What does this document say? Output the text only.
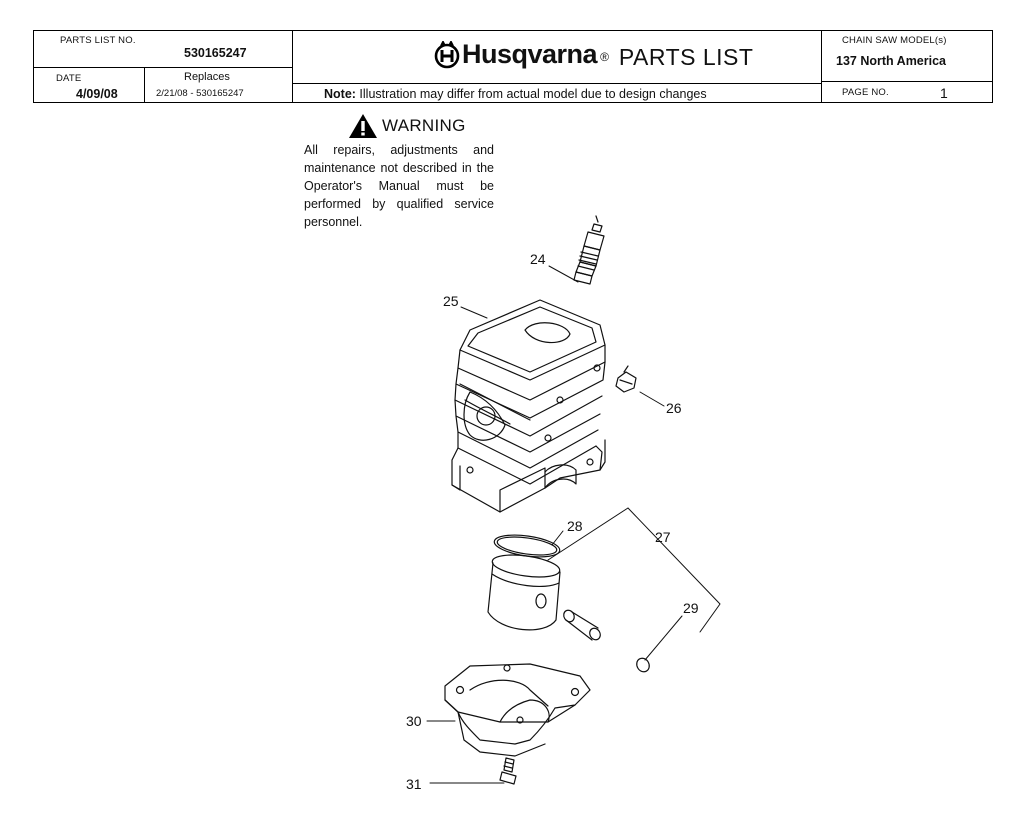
PARTS LIST NO.
530165247
DATE
4/09/08
Replaces
2/21/08 - 530165247
Husqvarna ® PARTS LIST
Note: Illustration may differ from actual model due to design changes
CHAIN SAW MODEL(s)
137 North America
PAGE NO.	1
WARNING
All repairs, adjustments and maintenance not described in the Operator's Manual must be performed by qualified service personnel.
24
25
26
27
28
29
30
31
